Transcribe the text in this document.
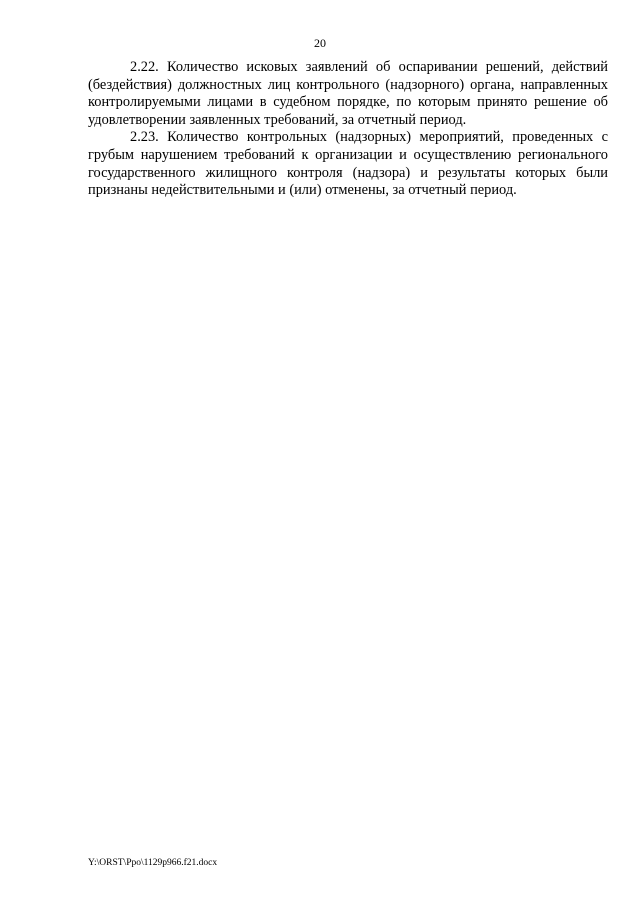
20

2.22. Количество исковых заявлений об оспаривании решений, действий (бездействия) должностных лиц контрольного (надзорного) органа, направленных контролируемыми лицами в судебном порядке, по которым принято решение об удовлетворении заявленных требований, за отчетный период.

2.23. Количество контрольных (надзорных) мероприятий, проведенных с грубым нарушением требований к организации и осуществлению регионального государственного жилищного контроля (надзора) и результаты которых были признаны недействительными и (или) отменены, за отчетный период.

Y:\ORST\Ppo\1129p966.f21.docx
